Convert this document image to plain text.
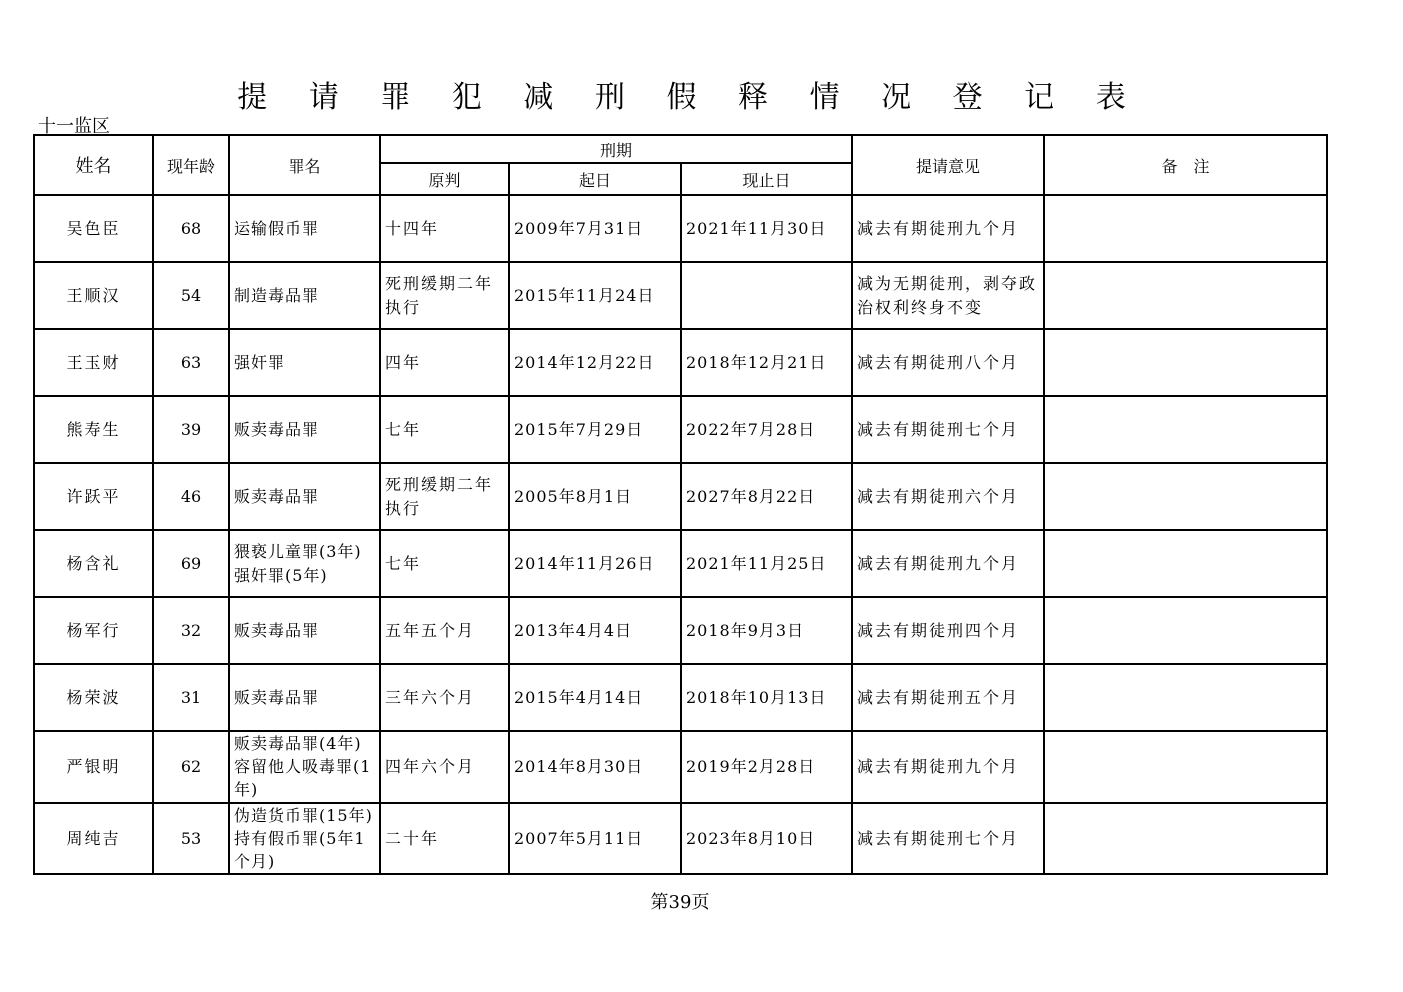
提 请 罪 犯 减 刑 假 释 情 况 登 记 表
十一监区
姓名	现年龄	罪名	刑期			提请意见	备　注
			原判	起日	现止日		
吴色臣	68	运输假币罪	十四年	2009年7月31日	2021年11月30日	减去有期徒刑九个月	
王顺汉	54	制造毒品罪	死刑缓期二年执行	2015年11月24日		减为无期徒刑，剥夺政治权利终身不变	
王玉财	63	强奸罪	四年	2014年12月22日	2018年12月21日	减去有期徒刑八个月	
熊寿生	39	贩卖毒品罪	七年	2015年7月29日	2022年7月28日	减去有期徒刑七个月	
许跃平	46	贩卖毒品罪	死刑缓期二年执行	2005年8月1日	2027年8月22日	减去有期徒刑六个月	
杨含礼	69	猥亵儿童罪(3年)强奸罪(5年)	七年	2014年11月26日	2021年11月25日	减去有期徒刑九个月	
杨军行	32	贩卖毒品罪	五年五个月	2013年4月4日	2018年9月3日	减去有期徒刑四个月	
杨荣波	31	贩卖毒品罪	三年六个月	2015年4月14日	2018年10月13日	减去有期徒刑五个月	
严银明	62	贩卖毒品罪(4年)容留他人吸毒罪(1年)	四年六个月	2014年8月30日	2019年2月28日	减去有期徒刑九个月	
周纯吉	53	伪造货币罪(15年)持有假币罪(5年1个月)	二十年	2007年5月11日	2023年8月10日	减去有期徒刑七个月	
第39页
